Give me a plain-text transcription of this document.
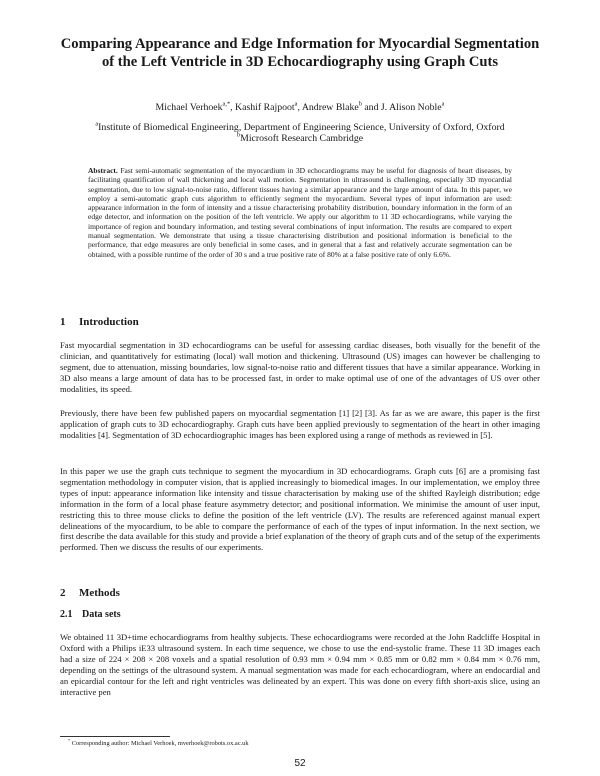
Comparing Appearance and Edge Information for Myocardial Segmentation of the Left Ventricle in 3D Echocardiography using Graph Cuts
Michael Verhoek$^{a,*}$, Kashif Rajpoot$^a$, Andrew Blake$^b$ and J. Alison Noble$^a$
$^a$Institute of Biomedical Engineering, Department of Engineering Science, University of Oxford, Oxford
$^b$Microsoft Research Cambridge
Abstract. Fast semi-automatic segmentation of the myocardium in 3D echocardiograms may be useful for diagnosis of heart diseases, by facilitating quantification of wall thickening and local wall motion. Segmentation in ultrasound is challenging, especially 3D myocardial segmentation, due to low signal-to-noise ratio, different tissues having a similar appearance and the large amount of data. In this paper, we employ a semi-automatic graph cuts algorithm to efficiently segment the myocardium. Several types of input information are used: appearance information in the form of intensity and a tissue characterising probability distribution, boundary information in the form of an edge detector, and information on the position of the left ventricle. We apply our algorithm to 11 3D echocardiograms, while varying the importance of region and boundary information, and testing several combinations of input information. The results are compared to expert manual segmentation. We demonstrate that using a tissue characterising distribution and positional information is beneficial to the performance, that edge measures are only beneficial in some cases, and in general that a fast and relatively accurate segmentation can be obtained, with a possible runtime of the order of 30 s and a true positive rate of 80% at a false positive rate of only 6.6%.
1 Introduction

Fast myocardial segmentation in 3D echocardiograms can be useful for assessing cardiac diseases, both visually for the benefit of the clinician, and quantitatively for estimating (local) wall motion and thickening. Ultrasound (US) images can however be challenging to segment, due to attenuation, missing boundaries, low signal-to-noise ratio and different tissues that have a similar appearance. Working in 3D also means a large amount of data has to be processed fast, in order to make optimal use of one of the advantages of US over other modalities, its speed.

Previously, there have been few published papers on myocardial segmentation [1] [2] [3]. As far as we are aware, this paper is the first application of graph cuts to 3D echocardiography. Graph cuts have been applied previously to segmentation of the heart in other imaging modalities [4]. Segmentation of 3D echocardiographic images has been explored using a range of methods as reviewed in [5].

In this paper we use the graph cuts technique to segment the myocardium in 3D echocardiograms. Graph cuts [6] are a promising fast segmentation methodology in computer vision, that is applied increasingly to biomedical images. In our implementation, we employ three types of input: appearance information like intensity and tissue characterisation by making use of the shifted Rayleigh distribution; edge information in the form of a local phase feature asymmetry detector; and positional information. We minimise the amount of user input, restricting this to three mouse clicks to define the position of the left ventricle (LV). The results are referenced against manual expert delineations of the myocardium, to be able to compare the performance of each of the types of input information. In the next section, we first describe the data available for this study and provide a brief explanation of the theory of graph cuts and of the setup of the experiments performed. Then we discuss the results of our experiments.

2 Methods
2.1 Data sets

We obtained 11 3D+time echocardiograms from healthy subjects. These echocardiograms were recorded at the John Radcliffe Hospital in Oxford with a Philips iE33 ultrasound system. In each time sequence, we chose to use the end-systolic frame. These 11 3D images each had a size of 224 × 208 × 208 voxels and a spatial resolution of 0.93 mm × 0.94 mm × 0.85 mm or 0.82 mm × 0.84 mm × 0.76 mm, depending on the settings of the ultrasound system. A manual segmentation was made for each echocardiogram, where an endocardial and an epicardial contour for the left and right ventricles was delineated by an expert. This was done on every fifth short-axis slice, using an interactive pen

* Corresponding author: Michael Verhoek, mverhoek@robots.ox.ac.uk
52
